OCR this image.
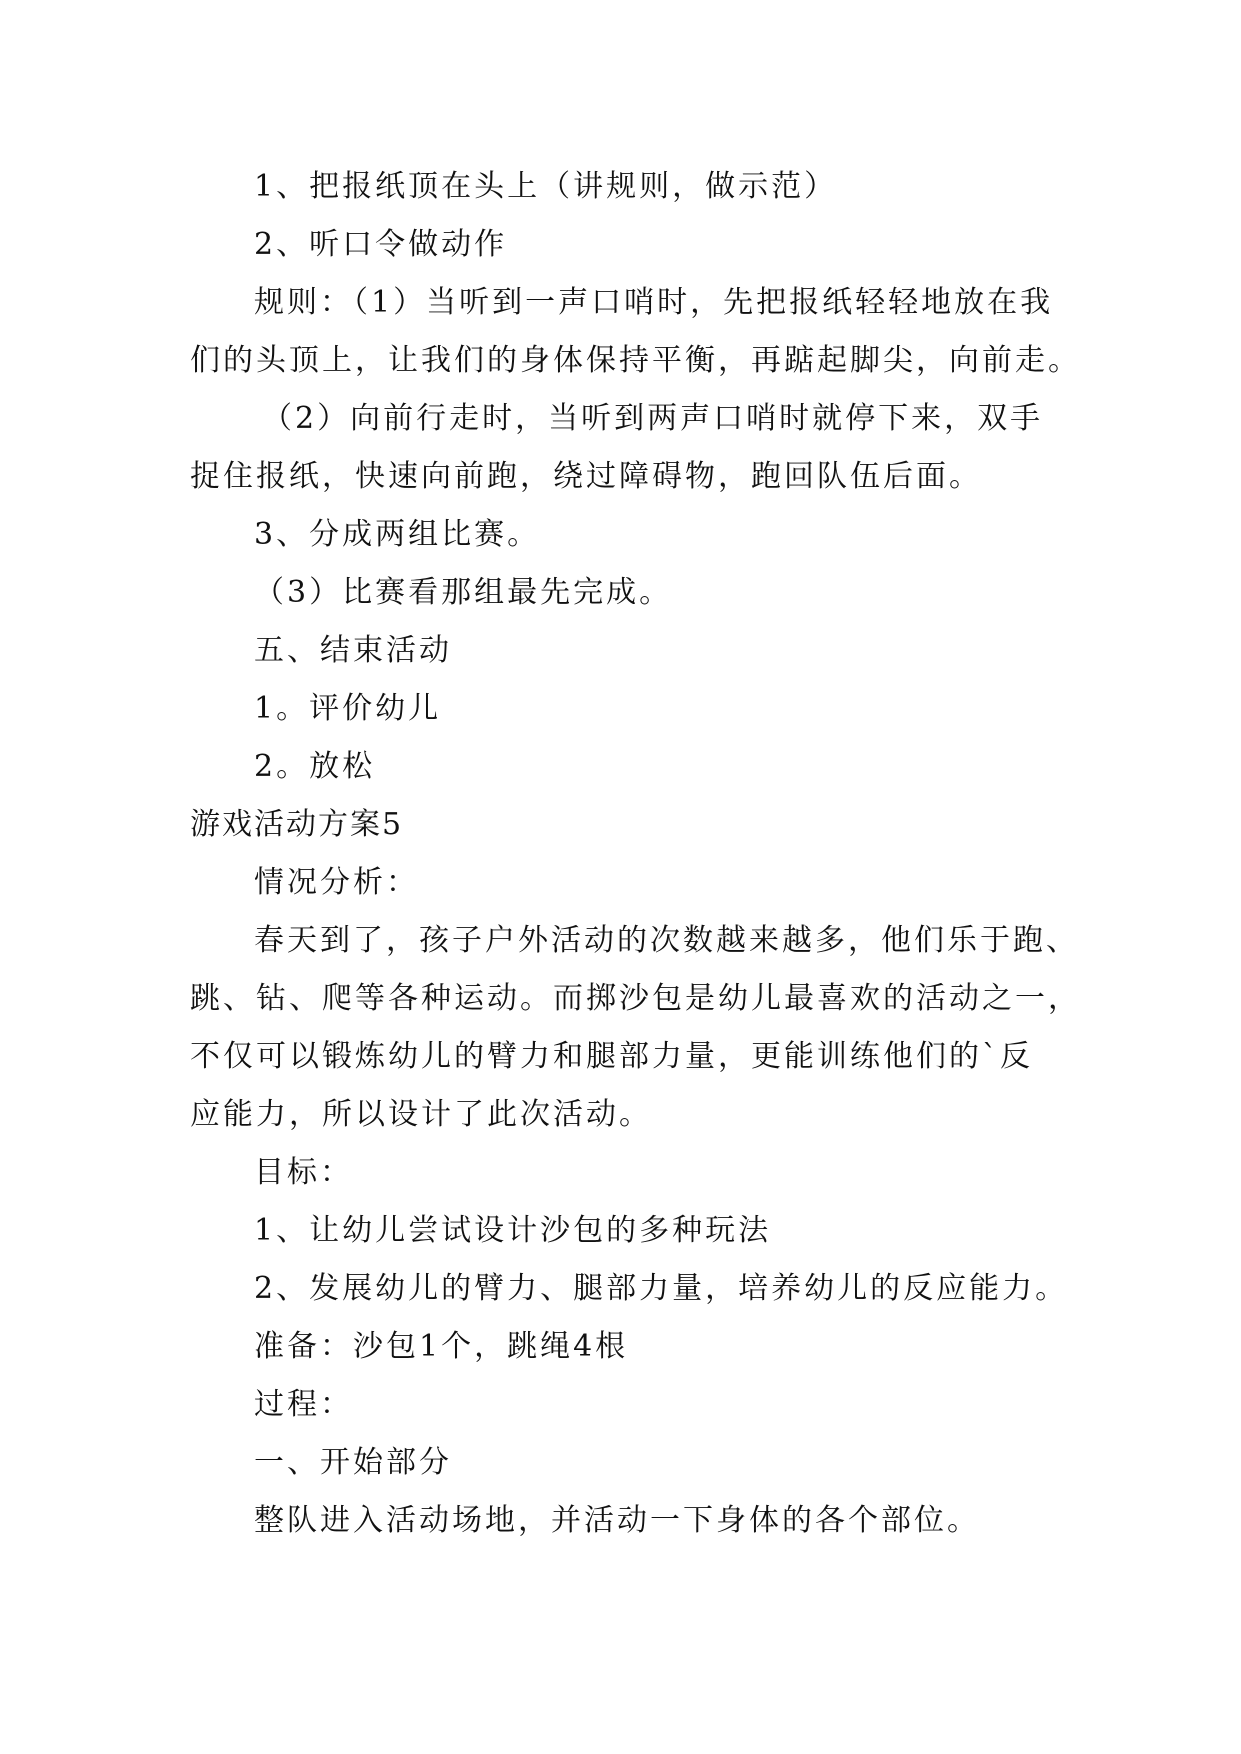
1、把报纸顶在头上（讲规则，做示范）
2、听口令做动作
规则：（1）当听到一声口哨时，先把报纸轻轻地放在我
们的头顶上，让我们的身体保持平衡，再踮起脚尖，向前走。
（2）向前行走时，当听到两声口哨时就停下来，双手
捉住报纸，快速向前跑，绕过障碍物，跑回队伍后面。
3、分成两组比赛。
（3）比赛看那组最先完成。
五、结束活动
1。评价幼儿
2。放松
游戏活动方案5
情况分析：
春天到了，孩子户外活动的次数越来越多，他们乐于跑、
跳、钻、爬等各种运动。而掷沙包是幼儿最喜欢的活动之一，
不仅可以锻炼幼儿的臂力和腿部力量，更能训练他们的`反
应能力，所以设计了此次活动。
目标：
1、让幼儿尝试设计沙包的多种玩法
2、发展幼儿的臂力、腿部力量，培养幼儿的反应能力。
准备：沙包1个，跳绳4根
过程：
一、开始部分
整队进入活动场地，并活动一下身体的各个部位。
